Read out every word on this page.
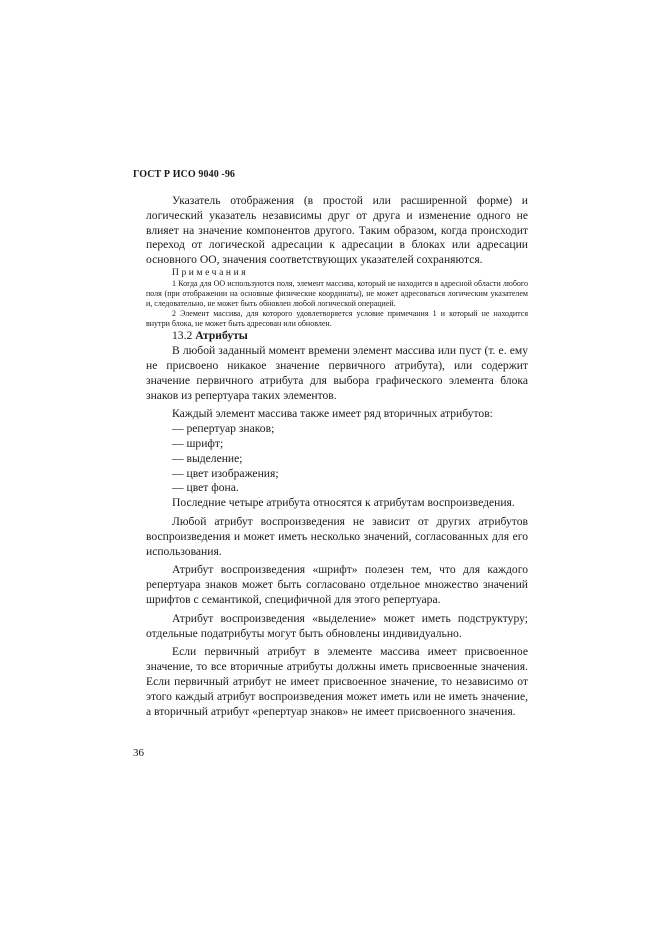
ГОСТ Р ИСО 9040 -96

Указатель отображения (в простой или расширенной форме) и логический указатель независимы друг от друга и изменение одного не влияет на значение компонентов другого. Таким образом, когда происходит переход от логической адресации к адресации в блоках или адресации основного ОО, значения соответствующих указателей сохраняются.

Примечания

1 Когда для ОО используются поля, элемент массива, который не находится в адресной области любого поля (при отображении на основные физические координаты), не может адресоваться логическим указателем и, следовательно, не может быть обновлен любой логической операцией.

2 Элемент массива, для которого удовлетворяется условие примечания 1 и который не находится внутри блока, не может быть адресован или обновлен.

13.2 Атрибуты

В любой заданный момент времени элемент массива или пуст (т. е. ему не присвоено никакое значение первичного атрибута), или содержит значение первичного атрибута для выбора графического элемента блока знаков из репертуара таких элементов.

Каждый элемент массива также имеет ряд вторичных атрибутов:

— репертуар знаков;
— шрифт;
— выделение;
— цвет изображения;
— цвет фона.

Последние четыре атрибута относятся к атрибутам воспроизведения.

Любой атрибут воспроизведения не зависит от других атрибутов воспроизведения и может иметь несколько значений, согласованных для его использования.

Атрибут воспроизведения «шрифт» полезен тем, что для каждого репертуара знаков может быть согласовано отдельное множество значений шрифтов с семантикой, специфичной для этого репертуара.

Атрибут воспроизведения «выделение» может иметь подструктуру; отдельные податрибуты могут быть обновлены индивидуально.

Если первичный атрибут в элементе массива имеет присвоенное значение, то все вторичные атрибуты должны иметь присвоенные значения. Если первичный атрибут не имеет присвоенное значение, то независимо от этого каждый атрибут воспроизведения может иметь или не иметь значение, а вторичный атрибут «репертуар знаков» не имеет присвоенного значения.

36
